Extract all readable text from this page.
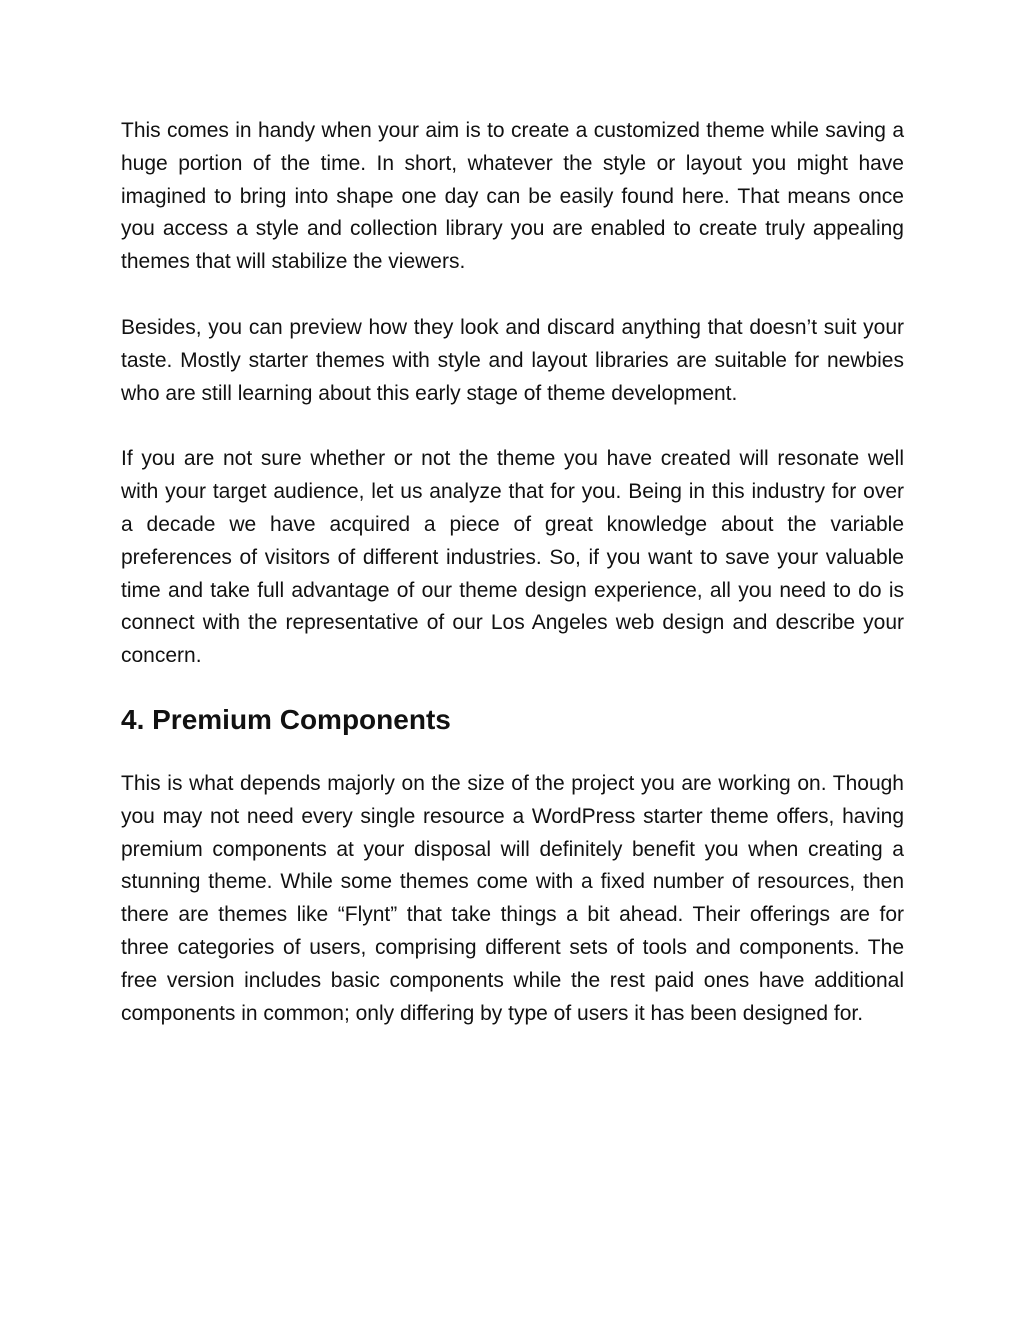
This comes in handy when your aim is to create a customized theme while saving a huge portion of the time. In short, whatever the style or layout you might have imagined to bring into shape one day can be easily found here. That means once you access a style and collection library you are enabled to create truly appealing themes that will stabilize the viewers.

Besides, you can preview how they look and discard anything that doesn’t suit your taste. Mostly starter themes with style and layout libraries are suitable for newbies who are still learning about this early stage of theme development.

If you are not sure whether or not the theme you have created will resonate well with your target audience, let us analyze that for you. Being in this industry for over a decade we have acquired a piece of great knowledge about the variable preferences of visitors of different industries. So, if you want to save your valuable time and take full advantage of our theme design experience, all you need to do is connect with the representative of our Los Angeles web design and describe your concern.

4. Premium Components

This is what depends majorly on the size of the project you are working on. Though you may not need every single resource a WordPress starter theme offers, having premium components at your disposal will definitely benefit you when creating a stunning theme. While some themes come with a fixed number of resources, then there are themes like “Flynt” that take things a bit ahead. Their offerings are for three categories of users, comprising different sets of tools and components. The free version includes basic components while the rest paid ones have additional components in common; only differing by type of users it has been designed for.
